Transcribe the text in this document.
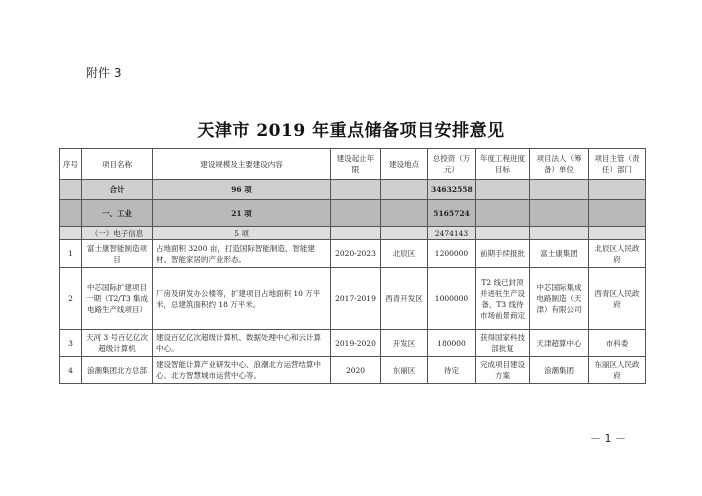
附件 3
天津市 2019 年重点储备项目安排意见
序号	项目名称	建设规模及主要建设内容	建设起止年限	建设地点	总投资（万元）	年度工程进度目标	项目法人（筹备）单位	项目主管（责任）部门
	合计	96 项			34632558			
	一、工业	21 项			5165724			
	（一）电子信息	5 项			2474143			
1	富士康智能制造项目	占地面积 3200 亩，打造国际智能制造、智能建材、智能家居的产业形态。	2020-2023	北辰区	1200000	前期手续报批	富士康集团	北辰区人民政府
2	中芯国际扩建项目一期（T2/T3 集成电路生产线项目）	厂房及研发办公楼等，扩建项目占地面积 10 万平米，总建筑面积约 18 万平米。	2017-2019	西青开发区	1000000	T2 线已封顶并进驻生产设备，T3 线待市场前景商定	中芯国际集成电路制造（天津）有限公司	西青区人民政府
3	天河 3 号百亿亿次超级计算机	建设百亿亿次超级计算机、数据处理中心和云计算中心。	2019-2020	开发区	180000	获得国家科技部批复	天津超算中心	市科委
4	浪潮集团北方总部	建设智能计算产业研发中心、浪潮北方运营结算中心、北方智慧城市运营中心等。	2020	东丽区	待定	完成项目建设方案	浪潮集团	东丽区人民政府
－ 1 －
